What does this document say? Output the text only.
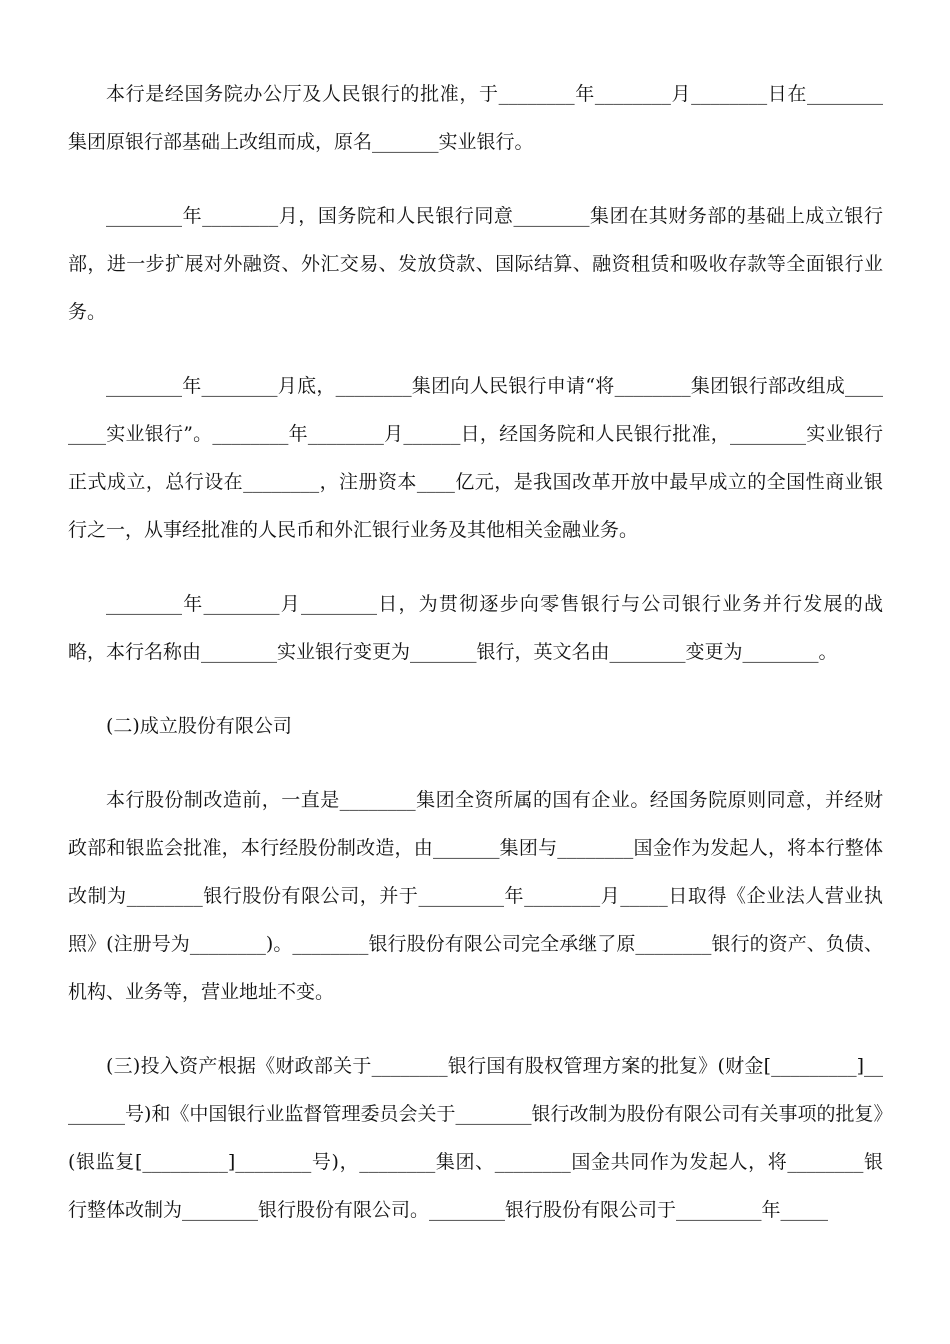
本行是经国务院办公厅及人民银行的批准，于________年________月________日在________集团原银行部基础上改组而成，原名_______实业银行。

________年________月，国务院和人民银行同意________集团在其财务部的基础上成立银行部，进一步扩展对外融资、外汇交易、发放贷款、国际结算、融资租赁和吸收存款等全面银行业务。

________年________月底，________集团向人民银行申请“将________集团银行部改组成________实业银行”。________年________月______日，经国务院和人民银行批准，________实业银行正式成立，总行设在________，注册资本____亿元，是我国改革开放中最早成立的全国性商业银行之一，从事经批准的人民币和外汇银行业务及其他相关金融业务。

________年________月________日，为贯彻逐步向零售银行与公司银行业务并行发展的战略，本行名称由________实业银行变更为_______银行，英文名由________变更为________。

(二)成立股份有限公司

本行股份制改造前，一直是________集团全资所属的国有企业。经国务院原则同意，并经财政部和银监会批准，本行经股份制改造，由_______集团与________国金作为发起人，将本行整体改制为________银行股份有限公司，并于_________年________月_____日取得《企业法人营业执照》(注册号为________)。________银行股份有限公司完全承继了原________银行的资产、负债、机构、业务等，营业地址不变。

(三)投入资产根据《财政部关于________银行国有股权管理方案的批复》(财金[_________]________号)和《中国银行业监督管理委员会关于________银行改制为股份有限公司有关事项的批复》(银监复[_________]________号)，________集团、________国金共同作为发起人，将________银行整体改制为________银行股份有限公司。________银行股份有限公司于_________年_____
